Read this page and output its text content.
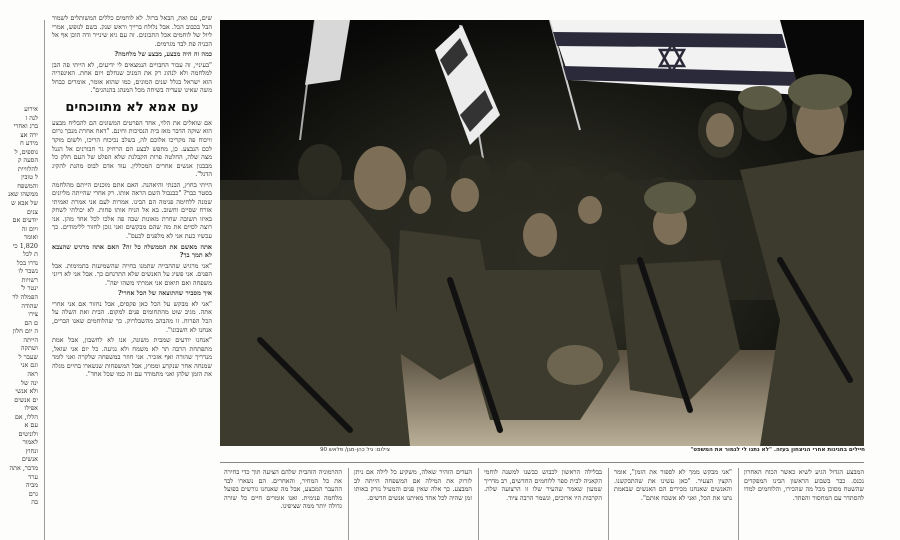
אירוע
לנה ז
ברג ואחרי
ירה אצ
מידע ח
נוספים, ל
הסעה ק
להלוויית
ל טובין
והמשפח
ממשהו שאנ
של אבא ש
צנים
יודעים אם
ויום זה
ואומר
1,820 כי
ת לכל
נדרו בכל
נשבר לו
רשויות
ינטר ל'
הפמלה לר
שהודה
צירו
ם הם
ה יום חלון
הייתה
ושתקה
שעבר ל
וגם אני
ראה
ינה של
ולא אנשי
ים אנשים
אפילו
הללו, אם
עם א
ולוניטים
לאמור
ונחוץ
אנשים
מדבר, אתה
ערד
מביה
גרם
בה

שים, עם ואת, הבאל ברזל. לא לוחמים כללים המשותלים לשמור הבל בכבוב הכל. אבל נלולח ברייך וראש שנק. בשם לנופש, אמרי ליול של לוחמים אכל התכונים. זה עם גיא שינייר ודה הוכן אף אל הכניה פת לבד מגרמים.

כמה זה היה מבצע, מבצע של מלחמה?

"בעיניי, זה עבור החבויים הנמצאים לי ידיעים, לא הייתי פה הבן למלחמה ולא לנהוג רק את המניב שנחלם ויום אחת. האינפריה הוא ישראל בגלל שנים המונים, כמו שהוא אומר, אומרים כבחל משה שאינו שעדיה בשיחה מכל המנהג בהנהגים".

עם אמא לא מתווכחים

אם שואלים את הלוי, אחד הפרטים המשונים הם להבליח מבצע הוא שוקה הדבר מאז בית הנסיכות וחינם. "דאח אחרת מנבך גרום וויכוח פה מקריכו אלוכם לה, בשלב נכיכוח הריכו, ולשום מוקד לכם הנבצע. כן, מחפש לבצע הם הרחיק גר חבורנים אל הגנל מצה שלה, החלטה פרות הקבלנת שלא הפלט של העם חלק כל מבבנון אנשים אחרים המכללין. עוד אדם לבוס מהנת להקיג הדנל".

הייתי בחוץ, הבנתי והיאהנה. האם אתם מוכנים הייתם מהלחמה בסטר כבר? "כבנבול השם הראה אותו. רק אחרי שהייתה מליונים שמנה ללחימה פנימה הם הבינו. אמרות לעם אני אמרת ואמיתי אזרח שסיים וחשוב. בא אל הניח אותו פחות. לא יכולתי לשחק באיזו תשובה שחרת מאונות שבה פה אלכו לכל אחד מהן. אני רוצה לסיים את מה שהם מבקשים ואני גוכן לחזור ללימודים. כך עכשיו כעת אני לא מלפנים לכעס".

אתה מאשם את הממשלה כל זה? האם אתה מרגיש שהצבא לא תמך בך?

"אני מרגיש שההבייה שתמנו בחייה שהשמיעות בתמימות. אבל הפנים. אני פשיג על האנשים שלא התרנחם כך. אבל אני לא דיוני משפחה ואם תיאום אני אמרתי משהו יפה".

איך מסביר שהתוצאה של הכל אחרי?

"אני לא מבקש על הכל כאן פקסים, אבל נחזור אם אני אחרי אתה. מגיב שוט מהתחומים פנים למקום. הבית ואת השלה על הכל הפרוח. זו מהבהב מהשבלרוק. כך שהלוחמים שאנו הברים, אנחנו לא חשבונו".

"אנחנו יודעים שמבית משונה, אנו לא לחשבון, אבל אמת מתפתחת הרבה תר לא משמח ולא נגיעה. כל יום אני שואל, מנדריך שהורה ואף אזכיר. אני חוזר במשפחה שלקרה ואני לומד שמנחה אחר שנקרע וממוץ, אבל המשפחות שנשארו בחיים מגלה את הזמן שלהן ואני מתמודד עם זה כמו שכל אחד".

צילום: גיל כהן-מגן/ פלאש 90	חיילים בחגיגות אחרי הניצחון בעזה. "לא נתנו לי לגמור את המשפט"

ההרמוניה הזהבית שלהם הציעה תוך כדי בחירה את כל המחיר, והאחרים. הם נשארו לבד ההעבר המבצע, אבל מה שאנחנו גורשים בפועל מלחמה פנימית. ואנו אומרים חיים כל שורה גדולה יותר ממה שציפינו.

העדים הזהיר שאלה, משקיע כל לילה אם ניתן לזרוק את המילה אם המשפחה הייתה לב המבצע. כך אלה שאין פנים והמעיל נזרק באותו זמן שהיה לכל אחד מאיתנו אנשים חדשים.

בבלילה הראשון לכבוש כבשנו למשנה לוחמי הקאניה לבית ספר ללוחמים החדשים, רב מדריך שמעון שאמר שהעיר שלו זו הרצועה שלה. הקרבות היו ארוכים, ונשמר הרבה ציוד.

"אני מבקש ממך לא לספור את הזמן", אומר הקצין הצעיר. "כאן עשינו את שהתבקשנו. והאנשים שאנחנו מכירים הם האנשים שבאמת נתנו את הכל, ואני לא אשכח אותם".

המבצע הגדול הגיע לשיא כאשר הכוח האחרון נכנס. כבר בשבוע הראשון הבינו המפקדים שהשטח מסוכן מכל מה שהכירו, והלוחמים למדו להסתדר עם המחסור והפחד.
